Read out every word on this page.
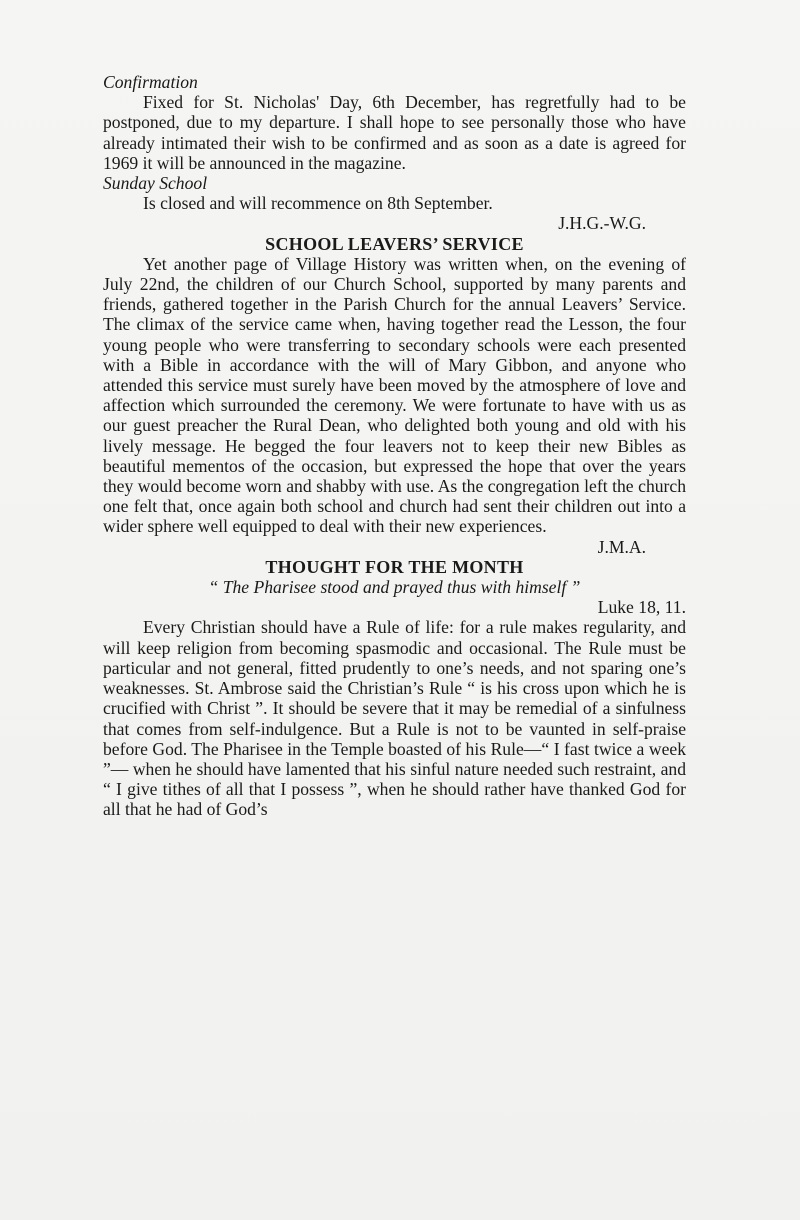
Confirmation

Fixed for St. Nicholas' Day, 6th December, has regretfully had to be postponed, due to my departure. I shall hope to see personally those who have already intimated their wish to be confirmed and as soon as a date is agreed for 1969 it will be announced in the magazine.

Sunday School

Is closed and will recommence on 8th September.

J.H.G.-W.G.

SCHOOL LEAVERS’ SERVICE

Yet another page of Village History was written when, on the evening of July 22nd, the children of our Church School, supported by many parents and friends, gathered together in the Parish Church for the annual Leavers’ Service. The climax of the service came when, having together read the Lesson, the four young people who were transferring to secondary schools were each presented with a Bible in accordance with the will of Mary Gibbon, and anyone who attended this service must surely have been moved by the atmosphere of love and affection which surrounded the ceremony. We were fortunate to have with us as our guest preacher the Rural Dean, who delighted both young and old with his lively message. He begged the four leavers not to keep their new Bibles as beautiful mementos of the occasion, but expressed the hope that over the years they would become worn and shabby with use. As the congregation left the church one felt that, once again both school and church had sent their children out into a wider sphere well equipped to deal with their new experiences.

J.M.A.

THOUGHT FOR THE MONTH

“ The Pharisee stood and prayed thus with himself ”

Luke 18, 11.

Every Christian should have a Rule of life: for a rule makes regularity, and will keep religion from becoming spasmodic and occasional. The Rule must be particular and not general, fitted prudently to one’s needs, and not sparing one’s weaknesses. St. Ambrose said the Christian’s Rule “ is his cross upon which he is crucified with Christ ”. It should be severe that it may be remedial of a sinfulness that comes from self-indulgence. But a Rule is not to be vaunted in self-praise before God. The Pharisee in the Temple boasted of his Rule—“ I fast twice a week ”— when he should have lamented that his sinful nature needed such restraint, and “ I give tithes of all that I possess ”, when he should rather have thanked God for all that he had of God’s
